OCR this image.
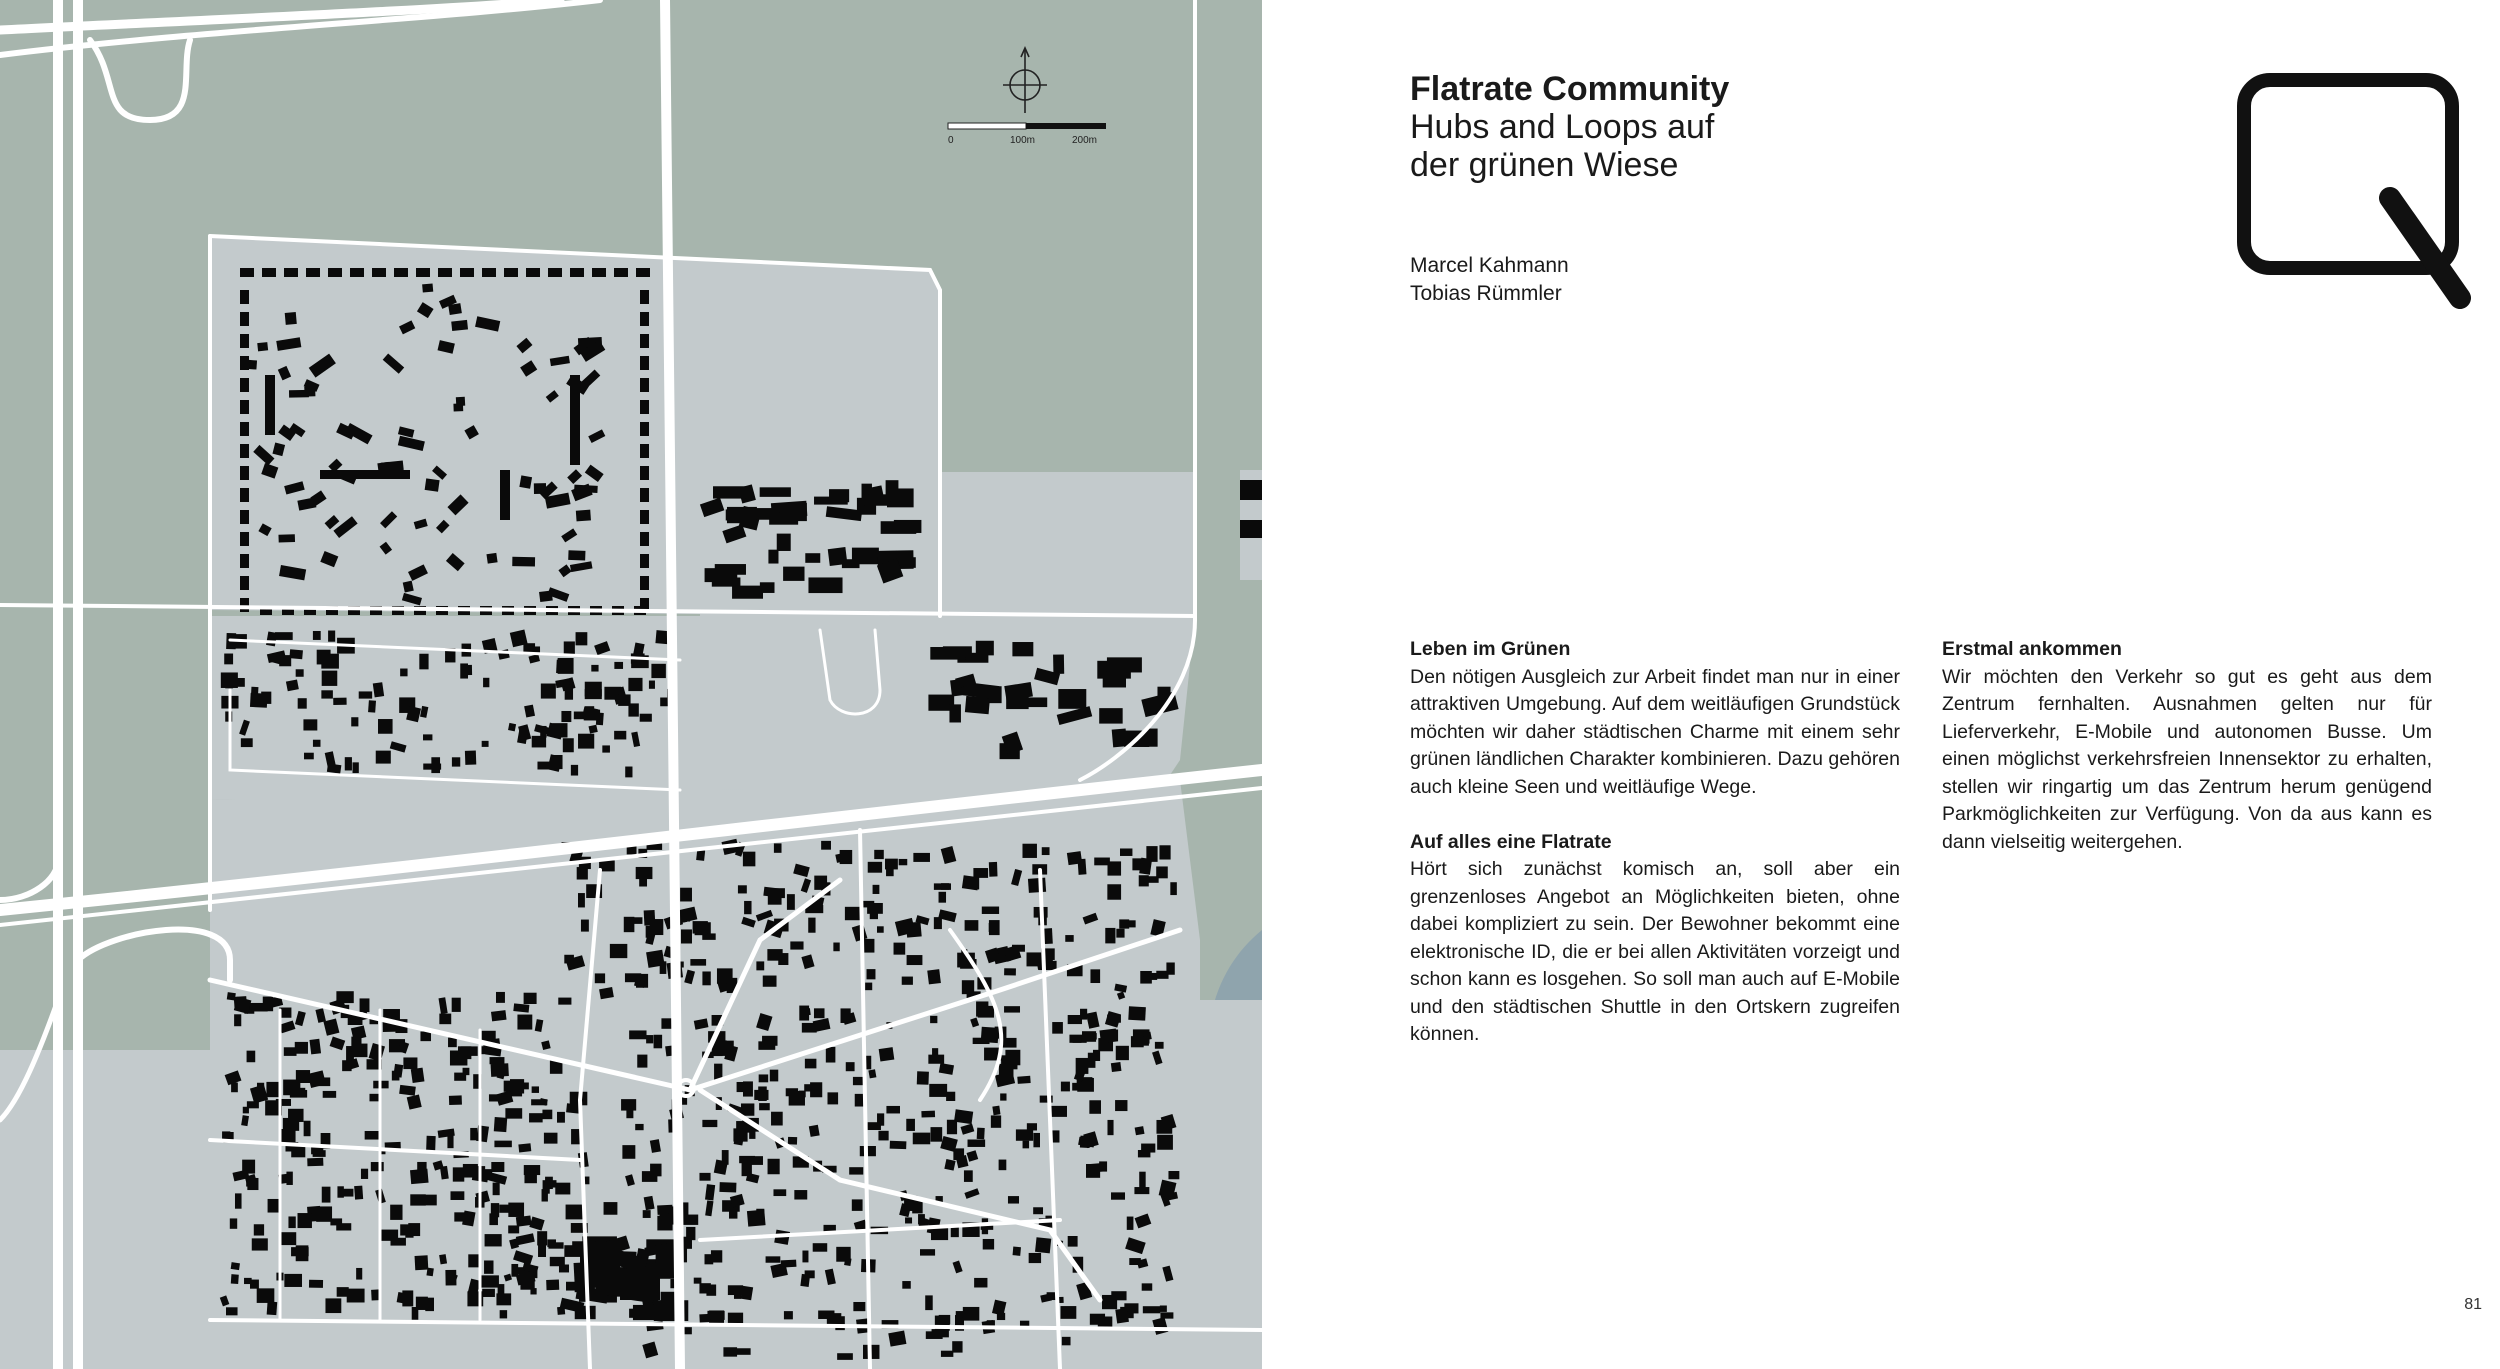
0	100m	200m
Flatrate Community
Hubs and Loops auf
der grünen Wiese
Marcel Kahmann
Tobias Rümmler
Leben im Grünen

Den nötigen Ausgleich zur Arbeit findet man nur in einer attraktiven Umgebung. Auf dem weitläufigen Grundstück möchten wir daher städtischen Charme mit einem sehr grünen ländlichen Charakter kombinieren. Dazu gehören auch kleine Seen und weitläufige Wege.

Auf alles eine Flatrate

Hört sich zunächst komisch an, soll aber ein grenzenloses Angebot an Möglichkeiten bieten, ohne dabei kompliziert zu sein. Der Bewohner bekommt eine elektronische ID, die er bei allen Aktivitäten vorzeigt und schon kann es losgehen. So soll man auch auf E-Mobile und den städtischen Shuttle in den Ortskern zugreifen können.

Erstmal ankommen

Wir möchten den Verkehr so gut es geht aus dem Zentrum fernhalten. Ausnahmen gelten nur für Lieferverkehr, E-Mobile und autonomen Busse. Um einen möglichst verkehrsfreien Innensektor zu erhalten, stellen wir ringartig um das Zentrum herum genügend Parkmöglichkeiten zur Verfügung. Von da aus kann es dann vielseitig weitergehen.

81
